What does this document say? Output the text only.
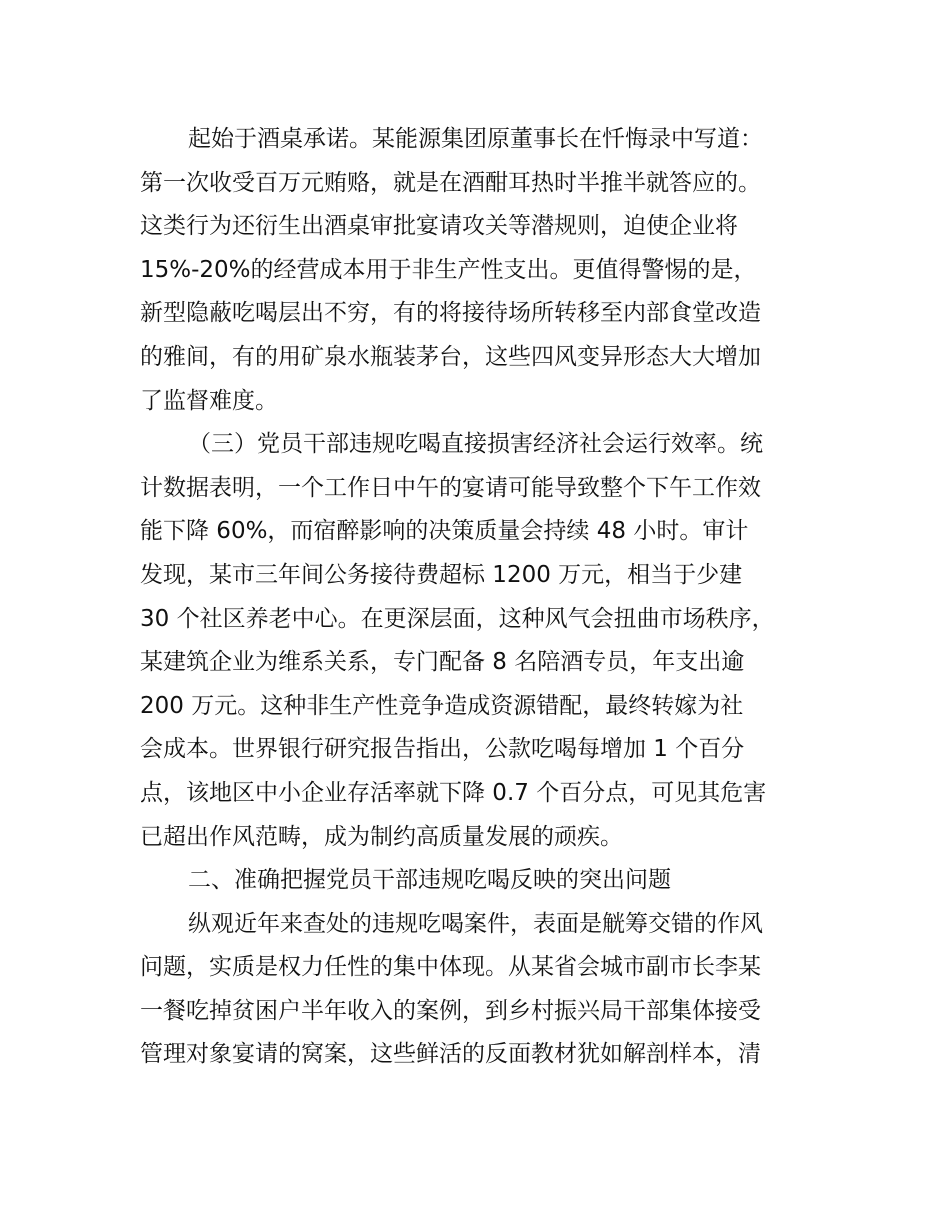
起始于酒桌承诺。某能源集团原董事长在忏悔录中写道：
第一次收受百万元贿赂，就是在酒酣耳热时半推半就答应的。
这类行为还衍生出酒桌审批宴请攻关等潜规则，迫使企业将
15%-20%的经营成本用于非生产性支出。更值得警惕的是，
新型隐蔽吃喝层出不穷，有的将接待场所转移至内部食堂改造
的雅间，有的用矿泉水瓶装茅台，这些四风变异形态大大增加
了监督难度。
（三）党员干部违规吃喝直接损害经济社会运行效率。统
计数据表明，一个工作日中午的宴请可能导致整个下午工作效
能下降 60%，而宿醉影响的决策质量会持续 48 小时。审计
发现，某市三年间公务接待费超标 1200 万元，相当于少建
30 个社区养老中心。在更深层面，这种风气会扭曲市场秩序，
某建筑企业为维系关系，专门配备 8 名陪酒专员，年支出逾
200 万元。这种非生产性竞争造成资源错配，最终转嫁为社
会成本。世界银行研究报告指出，公款吃喝每增加 1 个百分
点，该地区中小企业存活率就下降 0.7 个百分点，可见其危害
已超出作风范畴，成为制约高质量发展的顽疾。
二、准确把握党员干部违规吃喝反映的突出问题
纵观近年来查处的违规吃喝案件，表面是觥筹交错的作风
问题，实质是权力任性的集中体现。从某省会城市副市长李某
一餐吃掉贫困户半年收入的案例，到乡村振兴局干部集体接受
管理对象宴请的窝案，这些鲜活的反面教材犹如解剖样本，清
